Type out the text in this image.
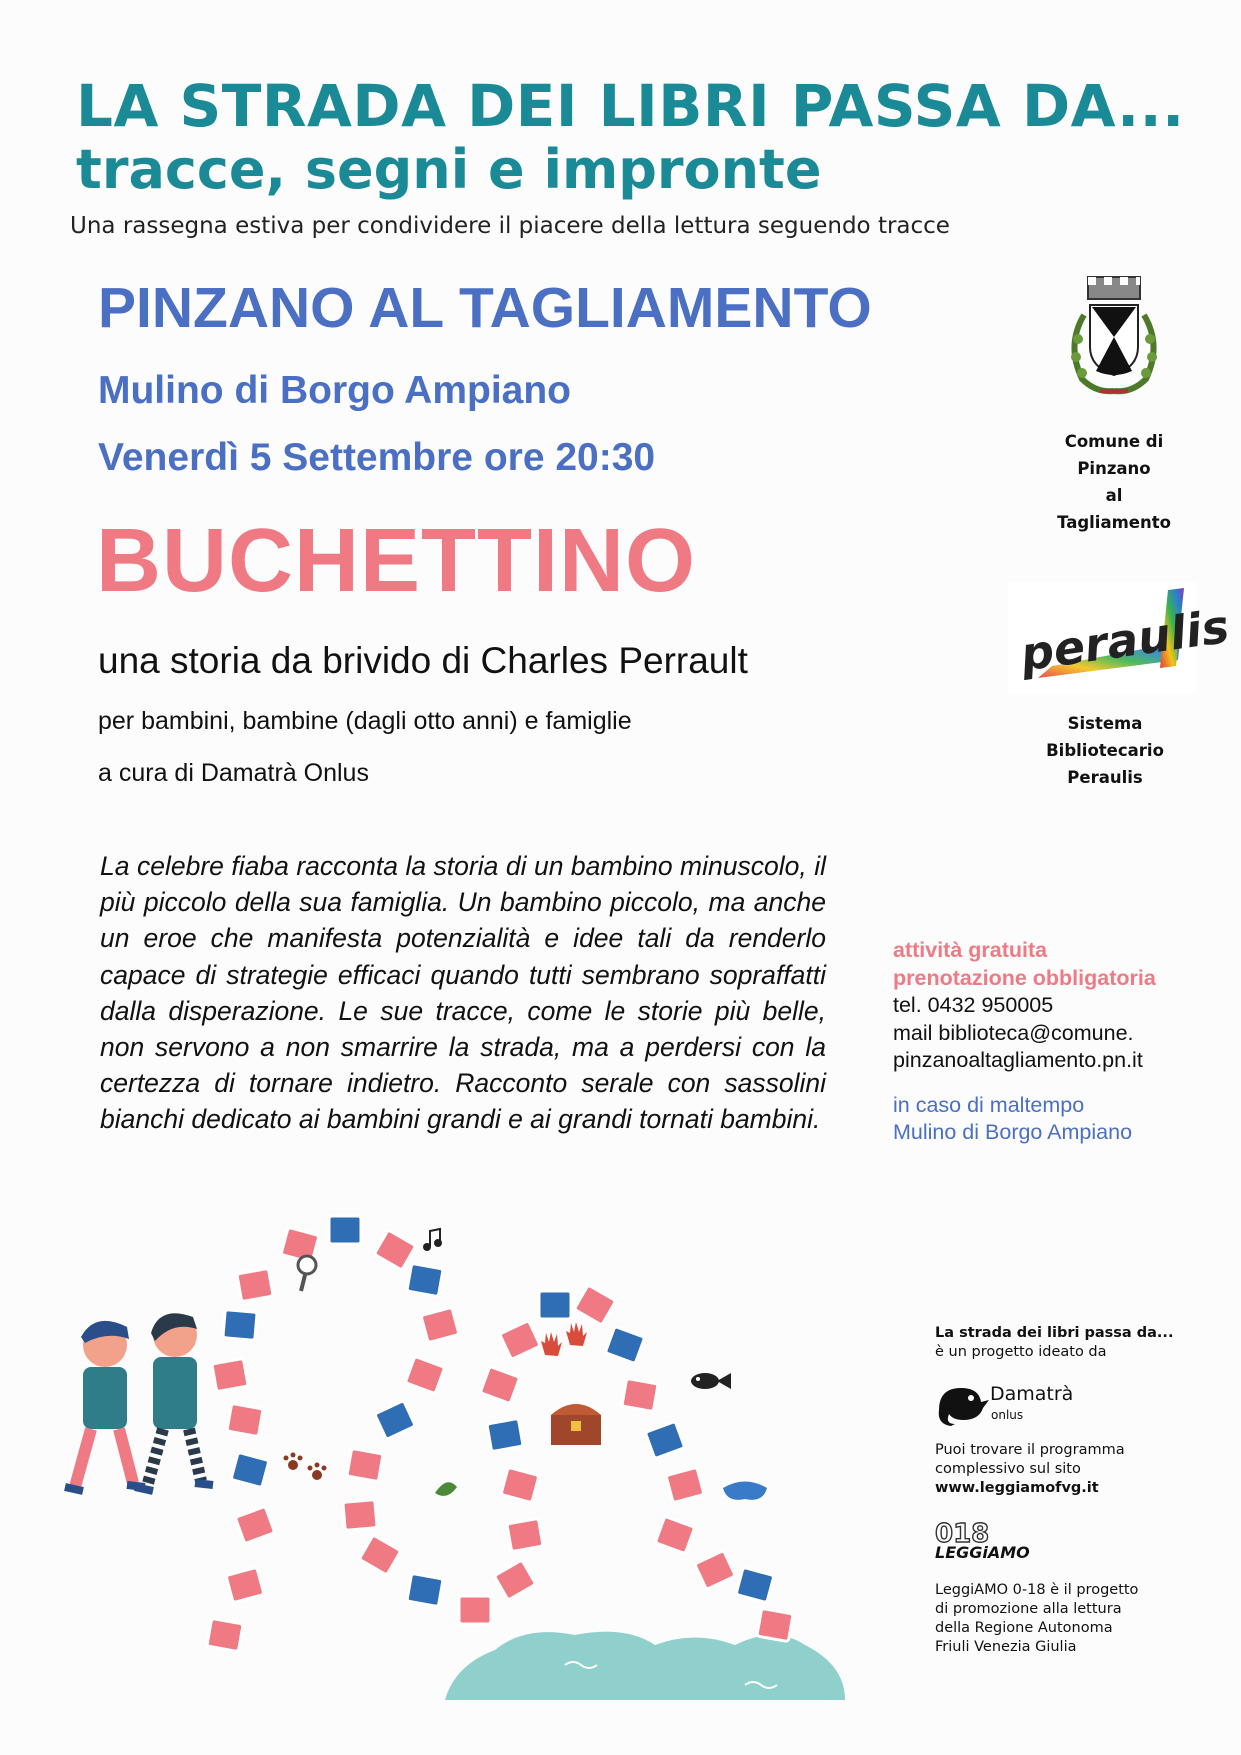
LA STRADA DEI LIBRI PASSA DA...
tracce, segni e impronte
Una rassegna estiva per condividere il piacere della lettura seguendo tracce
PINZANO AL TAGLIAMENTO
Mulino di Borgo Ampiano
Venerdì 5 Settembre ore 20:30
BUCHETTINO
una storia da brivido di Charles Perrault
per bambini, bambine (dagli otto anni) e famiglie
a cura di Damatrà Onlus

La celebre fiaba racconta la storia di un bambino minuscolo, il più piccolo della sua famiglia. Un bambino piccolo, ma anche un eroe che manifesta potenzialità e idee tali da renderlo capace di strategie efficaci quando tutti sembrano sopraffatti dalla disperazione. Le sue tracce, come le storie più belle, non servono a non smarrire la strada, ma a perdersi con la certezza di tornare indietro. Racconto serale con sassolini bianchi dedicato ai bambini grandi e ai grandi tornati bambini.

Comune di
Pinzano
al
Tagliamento
peraulis
Sistema
Bibliotecario
Peraulis
attività gratuita
prenotazione obbligatoria
tel. 0432 950005
mail biblioteca@comune.
pinzanoaltagliamento.pn.it
in caso di maltempo
Mulino di Borgo Ampiano
La strada dei libri passa da...
è un progetto ideato da
Damatrà
onlus
Puoi trovare il programma
complessivo sul sito
www.leggiamofvg.it
018
LEGGiAMO
LeggiAMO 0-18 è il progetto
di promozione alla lettura
della Regione Autonoma
Friuli Venezia Giulia
